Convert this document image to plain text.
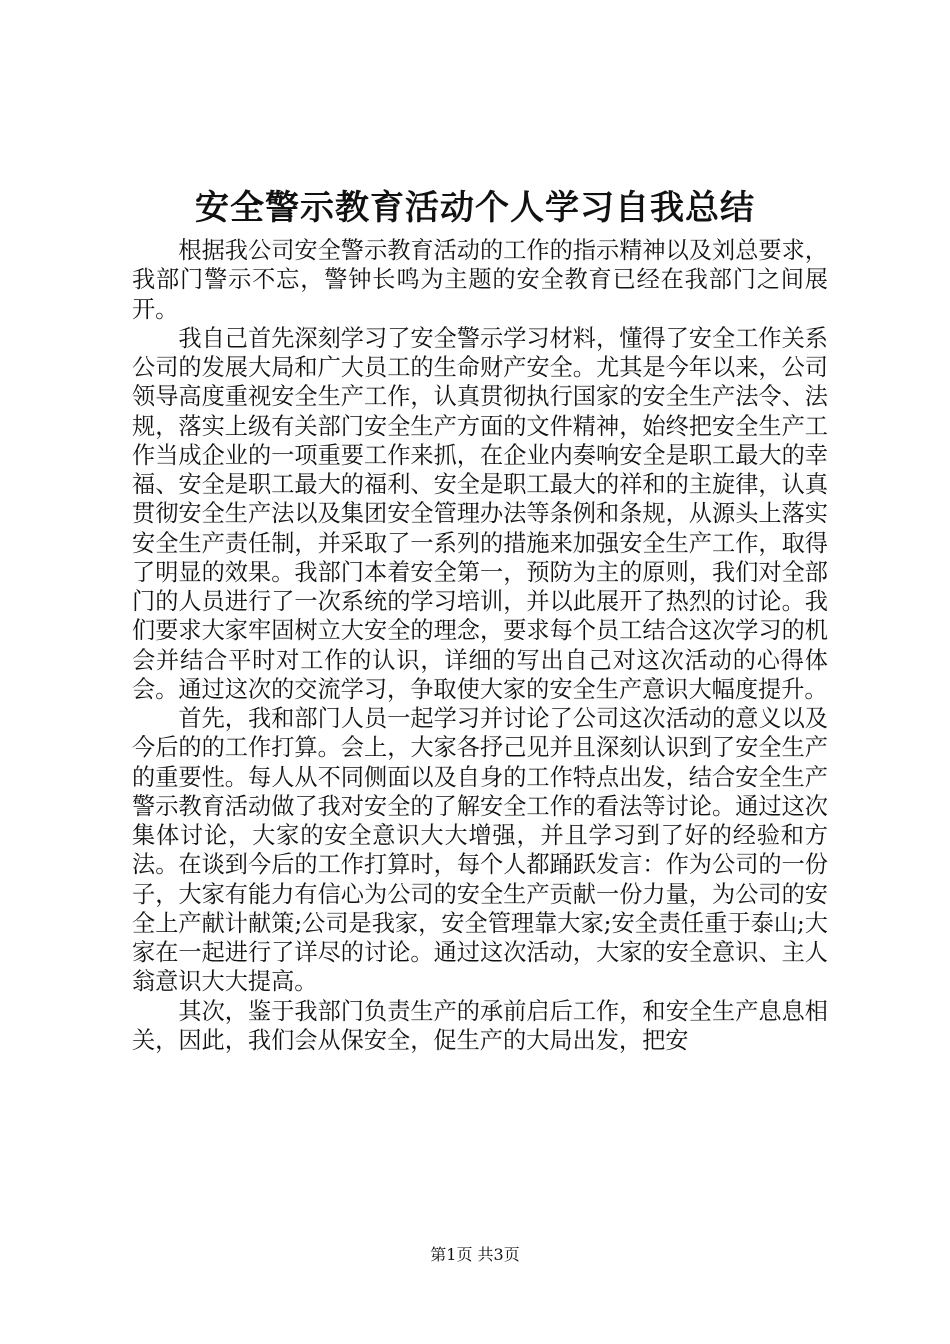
安全警示教育活动个人学习自我总结

根据我公司安全警示教育活动的工作的指示精神以及刘总要求，我部门警示不忘，警钟长鸣为主题的安全教育已经在我部门之间展开。

我自己首先深刻学习了安全警示学习材料，懂得了安全工作关系公司的发展大局和广大员工的生命财产安全。尤其是今年以来，公司领导高度重视安全生产工作，认真贯彻执行国家的安全生产法令、法规，落实上级有关部门安全生产方面的文件精神，始终把安全生产工作当成企业的一项重要工作来抓，在企业内奏响安全是职工最大的幸福、安全是职工最大的福利、安全是职工最大的祥和的主旋律，认真贯彻安全生产法以及集团安全管理办法等条例和条规，从源头上落实安全生产责任制，并采取了一系列的措施来加强安全生产工作，取得了明显的效果。我部门本着安全第一，预防为主的原则，我们对全部门的人员进行了一次系统的学习培训，并以此展开了热烈的讨论。我们要求大家牢固树立大安全的理念，要求每个员工结合这次学习的机会并结合平时对工作的认识，详细的写出自己对这次活动的心得体会。通过这次的交流学习，争取使大家的安全生产意识大幅度提升。

首先，我和部门人员一起学习并讨论了公司这次活动的意义以及今后的的工作打算。会上，大家各抒己见并且深刻认识到了安全生产的重要性。每人从不同侧面以及自身的工作特点出发，结合安全生产警示教育活动做了我对安全的了解安全工作的看法等讨论。通过这次集体讨论，大家的安全意识大大增强，并且学习到了好的经验和方法。在谈到今后的工作打算时，每个人都踊跃发言：作为公司的一份子，大家有能力有信心为公司的安全生产贡献一份力量，为公司的安全上产献计献策;公司是我家，安全管理靠大家;安全责任重于泰山;大家在一起进行了详尽的讨论。通过这次活动，大家的安全意识、主人翁意识大大提高。

其次，鉴于我部门负责生产的承前启后工作，和安全生产息息相关，因此，我们会从保安全，促生产的大局出发，把安

第1页 共3页
